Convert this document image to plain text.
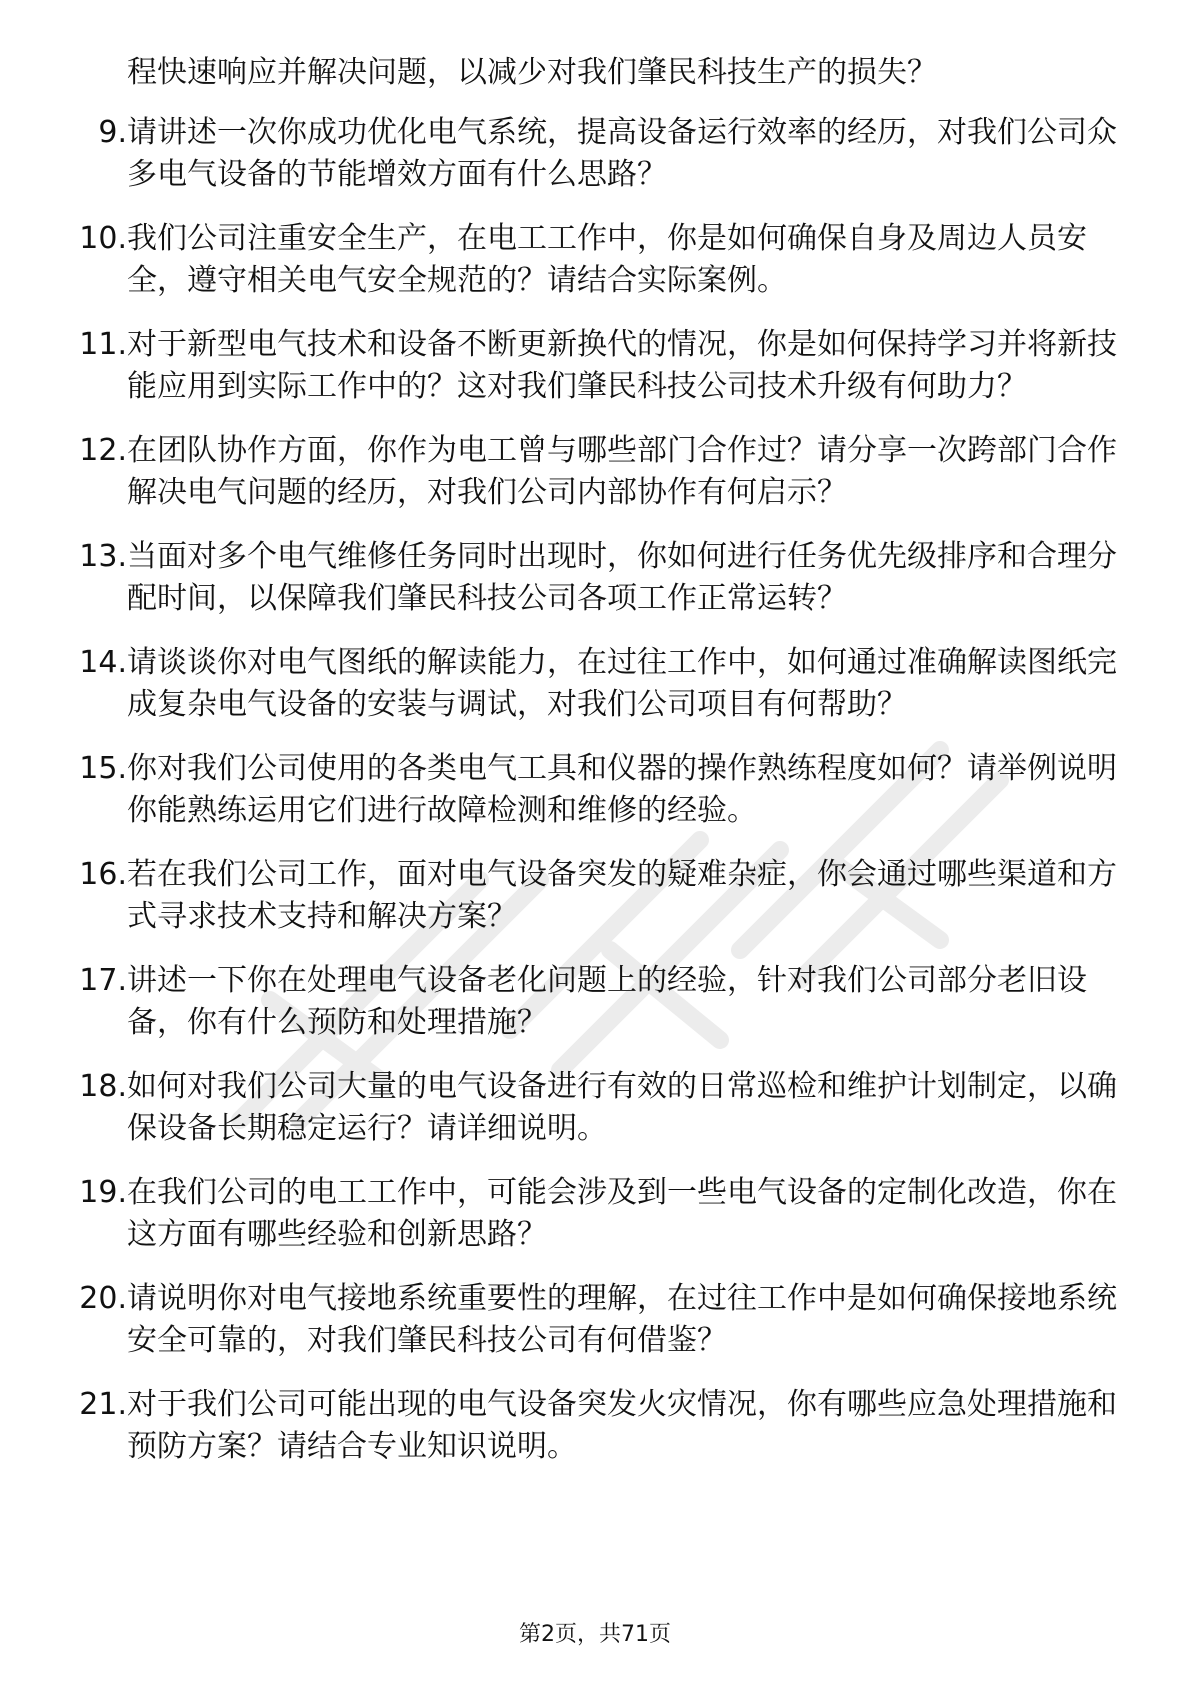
程快速响应并解决问题，以减少对我们肇民科技生产的损失？
9. 请讲述一次你成功优化电气系统，提高设备运行效率的经历，对我们公司众多电气设备的节能增效方面有什么思路？
10. 我们公司注重安全生产，在电工工作中，你是如何确保自身及周边人员安全，遵守相关电气安全规范的？请结合实际案例。
11. 对于新型电气技术和设备不断更新换代的情况，你是如何保持学习并将新技能应用到实际工作中的？这对我们肇民科技公司技术升级有何助力？
12. 在团队协作方面，你作为电工曾与哪些部门合作过？请分享一次跨部门合作解决电气问题的经历，对我们公司内部协作有何启示？
13. 当面对多个电气维修任务同时出现时，你如何进行任务优先级排序和合理分配时间，以保障我们肇民科技公司各项工作正常运转？
14. 请谈谈你对电气图纸的解读能力，在过往工作中，如何通过准确解读图纸完成复杂电气设备的安装与调试，对我们公司项目有何帮助？
15. 你对我们公司使用的各类电气工具和仪器的操作熟练程度如何？请举例说明你能熟练运用它们进行故障检测和维修的经验。
16. 若在我们公司工作，面对电气设备突发的疑难杂症，你会通过哪些渠道和方式寻求技术支持和解决方案？
17. 讲述一下你在处理电气设备老化问题上的经验，针对我们公司部分老旧设备，你有什么预防和处理措施？
18. 如何对我们公司大量的电气设备进行有效的日常巡检和维护计划制定，以确保设备长期稳定运行？请详细说明。
19. 在我们公司的电工工作中，可能会涉及到一些电气设备的定制化改造，你在这方面有哪些经验和创新思路？
20. 请说明你对电气接地系统重要性的理解，在过往工作中是如何确保接地系统安全可靠的，对我们肇民科技公司有何借鉴？
21. 对于我们公司可能出现的电气设备突发火灾情况，你有哪些应急处理措施和预防方案？请结合专业知识说明。
第2页，共71页
